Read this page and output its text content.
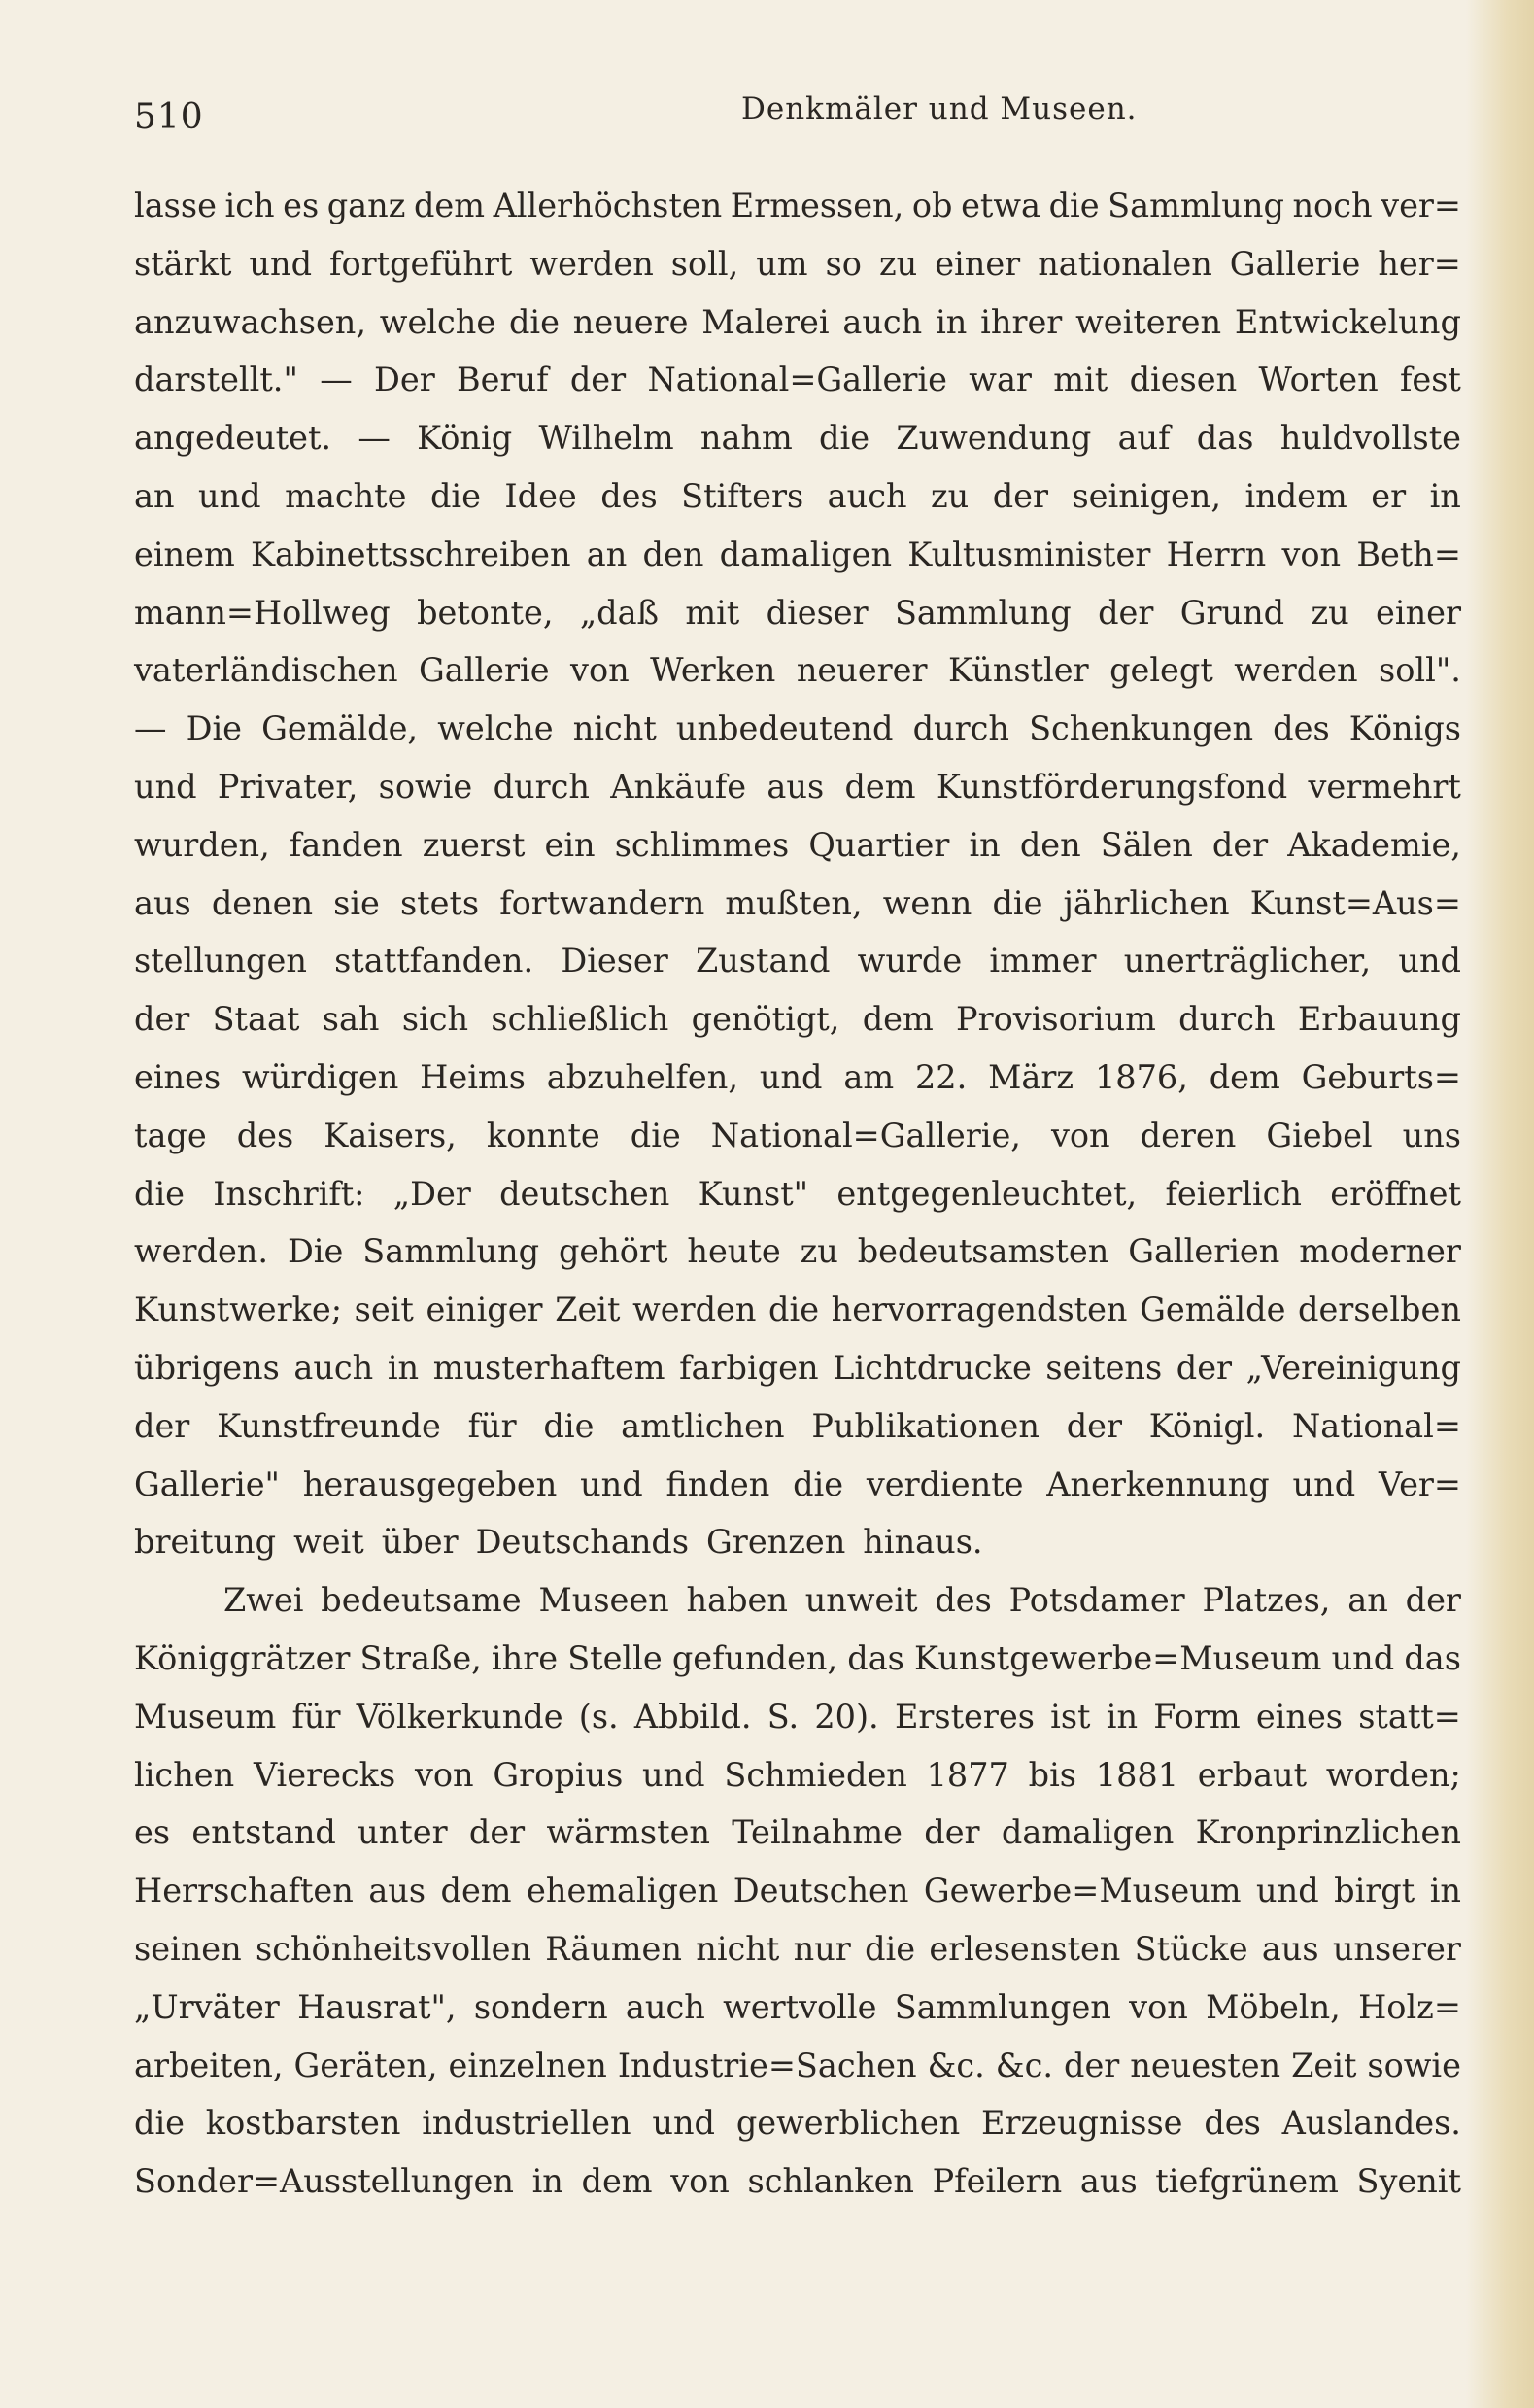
510	Denkmäler und Museen.
lasse ich es ganz dem Allerhöchsten Ermessen, ob etwa die Sammlung noch ver=
stärkt und fortgeführt werden soll, um so zu einer nationalen Gallerie her=
anzuwachsen, welche die neuere Malerei auch in ihrer weiteren Entwickelung
darstellt." — Der Beruf der National=Gallerie war mit diesen Worten fest
angedeutet. — König Wilhelm nahm die Zuwendung auf das huldvollste
an und machte die Idee des Stifters auch zu der seinigen, indem er in
einem Kabinettsschreiben an den damaligen Kultusminister Herrn von Beth=
mann=Hollweg betonte, „daß mit dieser Sammlung der Grund zu einer
vaterländischen Gallerie von Werken neuerer Künstler gelegt werden soll".
— Die Gemälde, welche nicht unbedeutend durch Schenkungen des Königs
und Privater, sowie durch Ankäufe aus dem Kunstförderungsfond vermehrt
wurden, fanden zuerst ein schlimmes Quartier in den Sälen der Akademie,
aus denen sie stets fortwandern mußten, wenn die jährlichen Kunst=Aus=
stellungen stattfanden. Dieser Zustand wurde immer unerträglicher, und
der Staat sah sich schließlich genötigt, dem Provisorium durch Erbauung
eines würdigen Heims abzuhelfen, und am 22. März 1876, dem Geburts=
tage des Kaisers, konnte die National=Gallerie, von deren Giebel uns
die Inschrift: „Der deutschen Kunst" entgegenleuchtet, feierlich eröffnet
werden. Die Sammlung gehört heute zu bedeutsamsten Gallerien moderner
Kunstwerke; seit einiger Zeit werden die hervorragendsten Gemälde derselben
übrigens auch in musterhaftem farbigen Lichtdrucke seitens der „Vereinigung
der Kunstfreunde für die amtlichen Publikationen der Königl. National=
Gallerie" herausgegeben und finden die verdiente Anerkennung und Ver=
breitung weit über Deutschands Grenzen hinaus.
Zwei bedeutsame Museen haben unweit des Potsdamer Platzes, an der
Königgrätzer Straße, ihre Stelle gefunden, das Kunstgewerbe=Museum und das
Museum für Völkerkunde (s. Abbild. S. 20). Ersteres ist in Form eines statt=
lichen Vierecks von Gropius und Schmieden 1877 bis 1881 erbaut worden;
es entstand unter der wärmsten Teilnahme der damaligen Kronprinzlichen
Herrschaften aus dem ehemaligen Deutschen Gewerbe=Museum und birgt in
seinen schönheitsvollen Räumen nicht nur die erlesensten Stücke aus unserer
„Urväter Hausrat", sondern auch wertvolle Sammlungen von Möbeln, Holz=
arbeiten, Geräten, einzelnen Industrie=Sachen &c. &c. der neuesten Zeit sowie
die kostbarsten industriellen und gewerblichen Erzeugnisse des Auslandes.
Sonder=Ausstellungen in dem von schlanken Pfeilern aus tiefgrünem Syenit
